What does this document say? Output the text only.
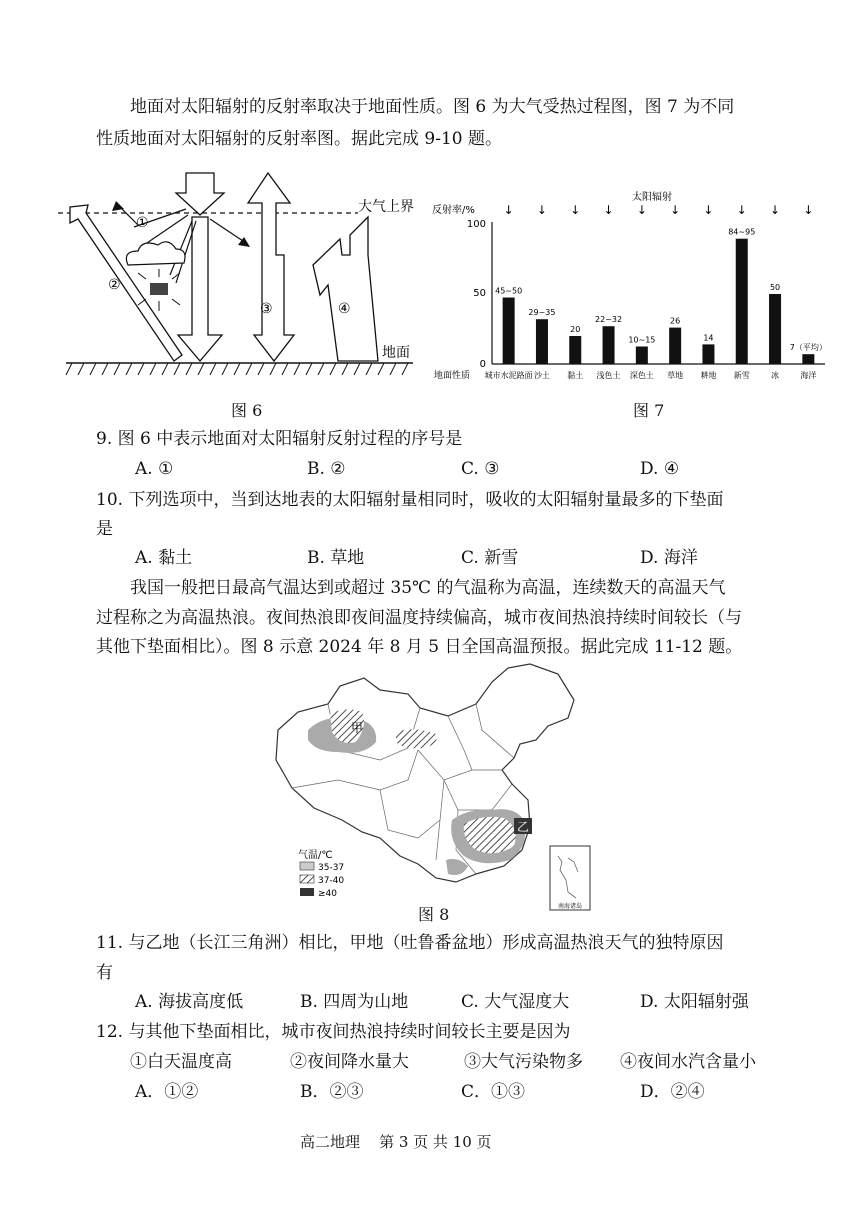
地面对太阳辐射的反射率取决于地面性质。图 6 为大气受热过程图，图 7 为不同
性质地面对太阳辐射的反射率图。据此完成 9-10 题。
①
②
③	④
大气上界
地面
图 6
太阳辐射
反射率/%
100
50
0
地面性质
↓
45~50
城市水泥路面
↓
29~35
沙土
↓
20
黏土
↓
22~32
浅色土
↓
10~15
深色土
↓
26
草地
↓
14
耕地
↓
84~95
新雪
↓
50
冰
↓
7（平均）
海洋
图 7
9. 图 6 中表示地面对太阳辐射反射过程的序号是
A. ①	B. ②	C. ③	D. ④
10. 下列选项中，当到达地表的太阳辐射量相同时，吸收的太阳辐射量最多的下垫面
是
A. 黏土	B. 草地	C. 新雪	D. 海洋
我国一般把日最高气温达到或超过 35℃ 的气温称为高温，连续数天的高温天气
过程称之为高温热浪。夜间热浪即夜间温度持续偏高，城市夜间热浪持续时间较长（与
其他下垫面相比）。图 8 示意 2024 年 8 月 5 日全国高温预报。据此完成 11-12 题。
甲
乙
气温/℃
35-37
37-40
≥40
南海诸岛
图 8
11. 与乙地（长江三角洲）相比，甲地（吐鲁番盆地）形成高温热浪天气的独特原因
有
A. 海拔高度低	B. 四周为山地	C. 大气湿度大	D. 太阳辐射强
12. 与其他下垫面相比，城市夜间热浪持续时间较长主要是因为
①白天温度高	②夜间降水量大	③大气污染物多 ④夜间水汽含量小
A．①②	B．②③	C．①③	D．②④
高二地理    第 3 页 共 10 页
